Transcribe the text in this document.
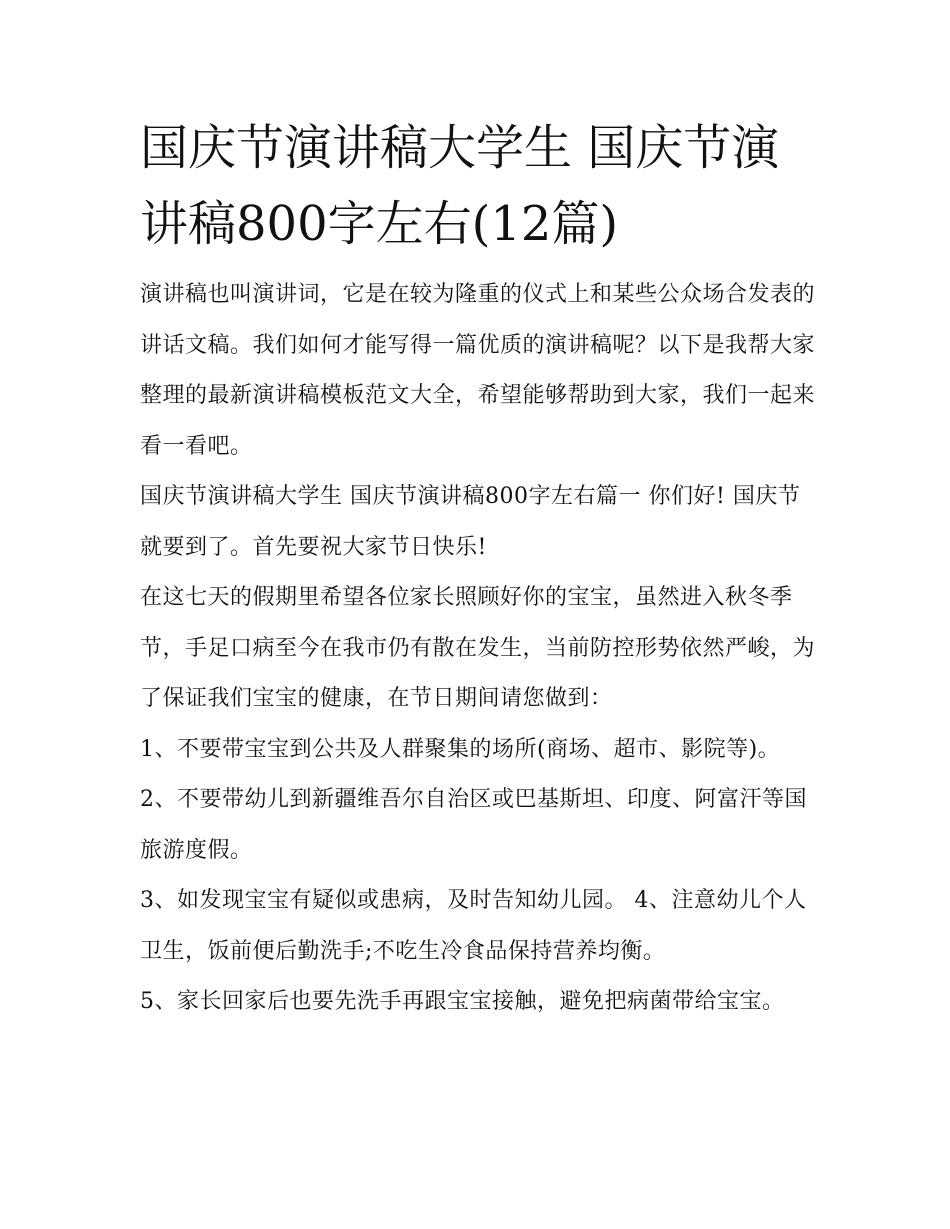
国庆节演讲稿大学生 国庆节演讲稿800字左右(12篇)

演讲稿也叫演讲词，它是在较为隆重的仪式上和某些公众场合发表的讲话文稿。我们如何才能写得一篇优质的演讲稿呢？以下是我帮大家整理的最新演讲稿模板范文大全，希望能够帮助到大家，我们一起来看一看吧。

国庆节演讲稿大学生 国庆节演讲稿800字左右篇一 你们好! 国庆节就要到了。首先要祝大家节日快乐!

在这七天的假期里希望各位家长照顾好你的宝宝，虽然进入秋冬季节，手足口病至今在我市仍有散在发生，当前防控形势依然严峻，为了保证我们宝宝的健康，在节日期间请您做到：

1、不要带宝宝到公共及人群聚集的场所(商场、超市、影院等)。 2、不要带幼儿到新疆维吾尔自治区或巴基斯坦、印度、阿富汗等国旅游度假。

3、如发现宝宝有疑似或患病，及时告知幼儿园。 4、注意幼儿个人卫生，饭前便后勤洗手;不吃生冷食品保持营养均衡。

5、家长回家后也要先洗手再跟宝宝接触，避免把病菌带给宝宝。
